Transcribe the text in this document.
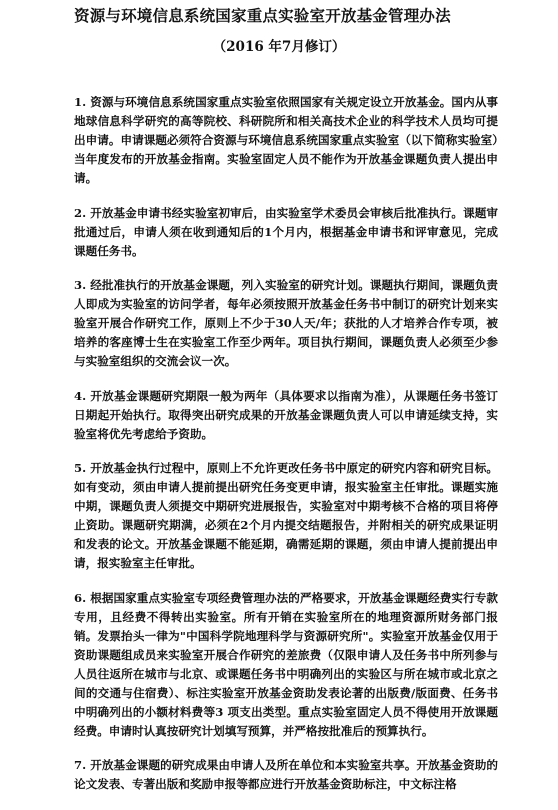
资源与环境信息系统国家重点实验室开放基金管理办法
（2016 年7月修订）

1. 资源与环境信息系统国家重点实验室依照国家有关规定设立开放基金。国内从事地球信息科学研究的高等院校、科研院所和相关高技术企业的科学技术人员均可提出申请。申请课题必须符合资源与环境信息系统国家重点实验室（以下简称实验室）当年度发布的开放基金指南。实验室固定人员不能作为开放基金课题负责人提出申请。

2. 开放基金申请书经实验室初审后，由实验室学术委员会审核后批准执行。课题审批通过后，申请人须在收到通知后的1个月内，根据基金申请书和评审意见，完成课题任务书。

3. 经批准执行的开放基金课题，列入实验室的研究计划。课题执行期间，课题负责人即成为实验室的访问学者，每年必须按照开放基金任务书中制订的研究计划来实验室开展合作研究工作，原则上不少于30人天/年；获批的人才培养合作专项，被培养的客座博士生在实验室工作至少两年。项目执行期间，课题负责人必须至少参与实验室组织的交流会议一次。

4. 开放基金课题研究期限一般为两年（具体要求以指南为准），从课题任务书签订日期起开始执行。取得突出研究成果的开放基金课题负责人可以申请延续支持，实验室将优先考虑给予资助。

5. 开放基金执行过程中，原则上不允许更改任务书中原定的研究内容和研究目标。如有变动，须由申请人提前提出研究任务变更申请，报实验室主任审批。课题实施中期，课题负责人须提交中期研究进展报告，实验室对中期考核不合格的项目将停止资助。课题研究期满，必须在2个月内提交结题报告，并附相关的研究成果证明和发表的论文。开放基金课题不能延期，确需延期的课题，须由申请人提前提出申请，报实验室主任审批。

6. 根据国家重点实验室专项经费管理办法的严格要求，开放基金课题经费实行专款专用，且经费不得转出实验室。所有开销在实验室所在的地理资源所财务部门报销。发票抬头一律为"中国科学院地理科学与资源研究所"。实验室开放基金仅用于资助课题组成员来实验室开展合作研究的差旅费（仅限申请人及任务书中所列参与人员往返所在城市与北京、或课题任务书中明确列出的实验区与所在城市或北京之间的交通与住宿费）、标注实验室开放基金资助发表论著的出版费/版面费、任务书中明确列出的小额材料费等3 项支出类型。重点实验室固定人员不得使用开放课题经费。申请时认真按研究计划填写预算，并严格按批准后的预算执行。

7. 开放基金课题的研究成果由申请人及所在单位和本实验室共享。开放基金资助的论文发表、专著出版和奖励申报等都应进行开放基金资助标注，中文标注格
